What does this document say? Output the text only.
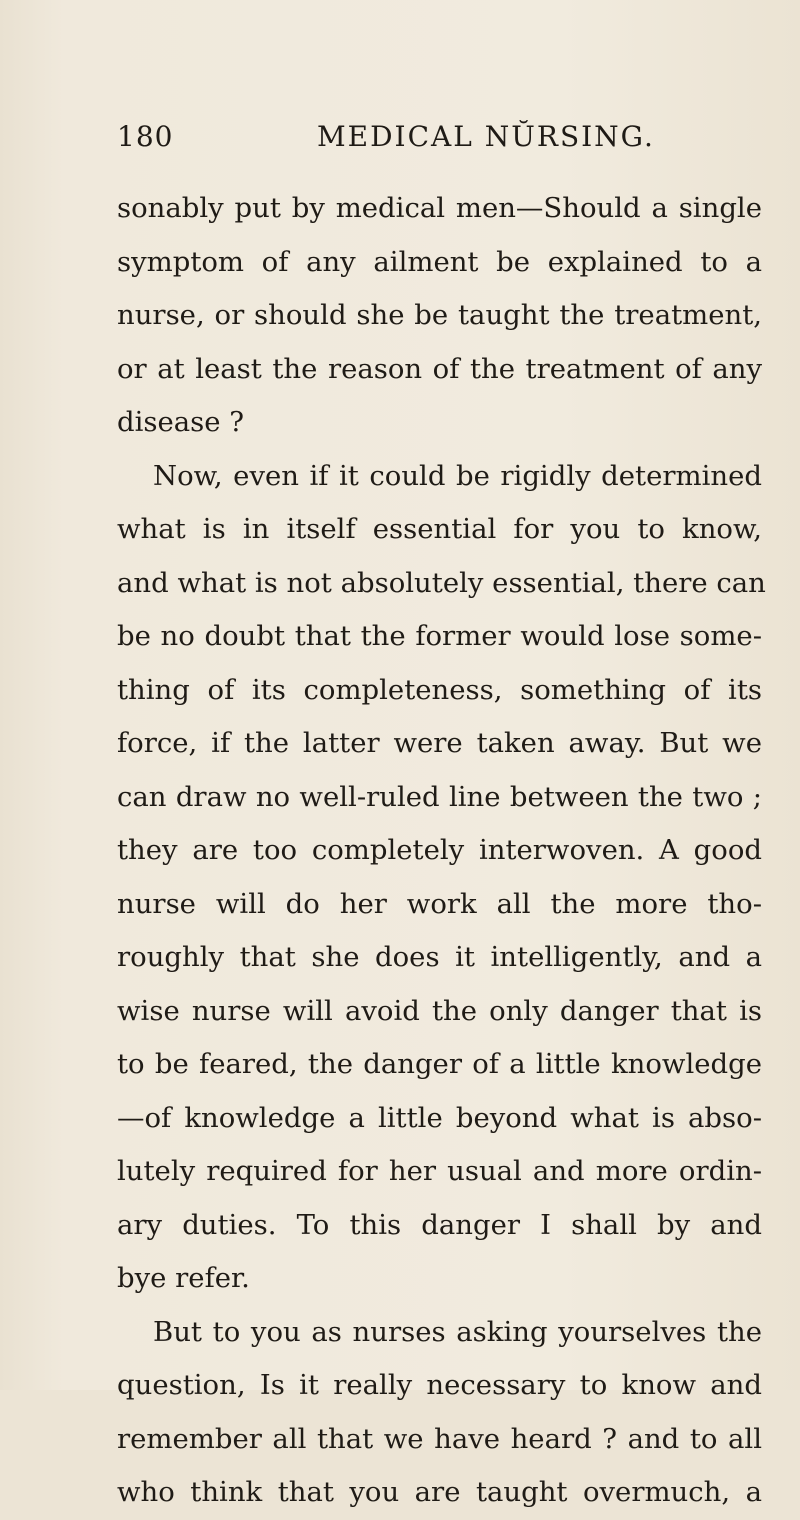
180	MEDICAL NŬRSING.
sonably put by medical men—Should a single
symptom of any ailment be explained to a
nurse, or should she be taught the treatment,
or at least the reason of the treatment of any
disease ?
Now, even if it could be rigidly determined
what is in itself essential for you to know,
and what is not absolutely essential, there can
be no doubt that the former would lose some-
thing of its completeness, something of its
force, if the latter were taken away. But we
can draw no well-ruled line between the two ;
they are too completely interwoven. A good
nurse will do her work all the more tho-
roughly that she does it intelligently, and a
wise nurse will avoid the only danger that is
to be feared, the danger of a little knowledge
—of knowledge a little beyond what is abso-
lutely required for her usual and more ordin-
ary duties. To this danger I shall by and
bye refer.
But to you as nurses asking yourselves the
question, Is it really necessary to know and
remember all that we have heard ? and to all
who think that you are taught overmuch, a
